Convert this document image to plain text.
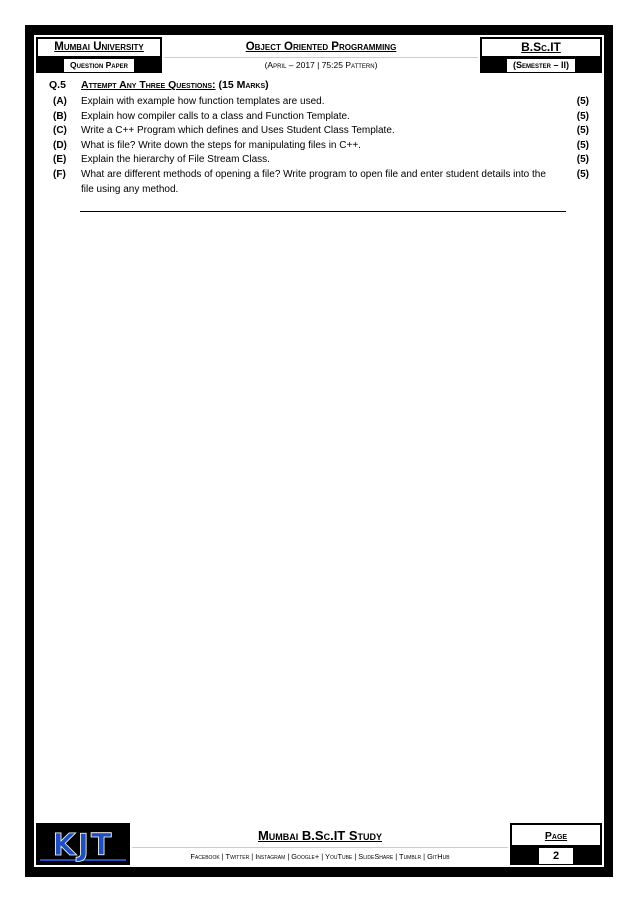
Mumbai University
Question Paper
Object Oriented Programming
(April – 2017 | 75:25 Pattern)
B.Sc.IT
(Semester – II)
Q.5 Attempt Any Three Questions: (15 Marks)
(A) Explain with example how function templates are used.	(5)
(B) Explain how compiler calls to a class and Function Template.	(5)
(C) Write a C++ Program which defines and Uses Student Class Template.	(5)
(D) What is file? Write down the steps for manipulating files in C++.	(5)
(E) Explain the hierarchy of File Stream Class.	(5)
(F) What are different methods of opening a file? Write program to open file and enter student details into the file using any method.
(5)
KJT	Mumbai B.Sc.IT Study
Facebook | Twitter | Instagram | Google+ | YouTube | SlideShare | Tumblr | GitHub
Page
2
